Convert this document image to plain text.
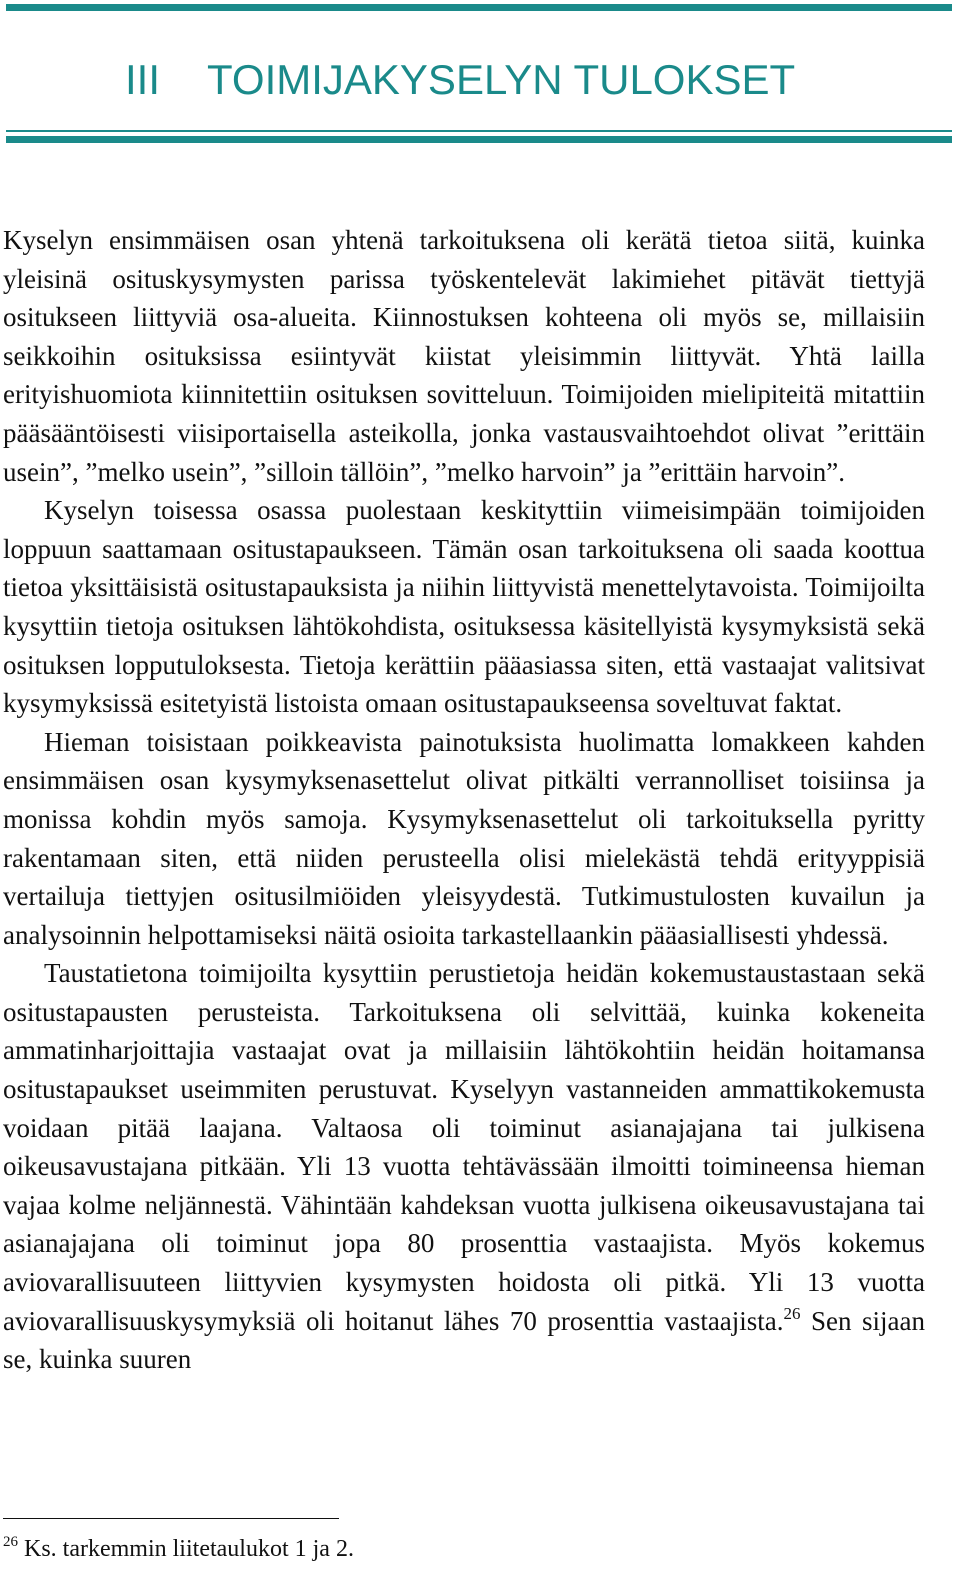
III TOIMIJAKYSELYN TULOKSET

Kyselyn ensimmäisen osan yhtenä tarkoituksena oli kerätä tietoa siitä, kuinka yleisinä osituskysymysten parissa työskentelevät lakimiehet pitävät tiettyjä ositukseen liittyviä osa-alueita. Kiinnostuksen kohteena oli myös se, millaisiin seikkoihin osituksissa esiintyvät kiistat yleisimmin liittyvät. Yhtä lailla erityishuomiota kiinnitettiin osituksen sovitteluun. Toimijoiden mielipiteitä mitattiin pääsääntöisesti viisiportaisella asteikolla, jonka vastausvaihtoehdot olivat ”erittäin usein”, ”melko usein”, ”silloin tällöin”, ”melko harvoin” ja ”erittäin harvoin”.

Kyselyn toisessa osassa puolestaan keskityttiin viimeisimpään toimijoiden loppuun saattamaan ositustapaukseen. Tämän osan tarkoituksena oli saada koottua tietoa yksittäisistä ositustapauksista ja niihin liittyvistä menettelytavoista. Toimijoilta kysyttiin tietoja osituksen lähtökohdista, osituksessa käsitellyistä kysymyksistä sekä osituksen lopputuloksesta. Tietoja kerättiin pääasiassa siten, että vastaajat valitsivat kysymyksissä esitetyistä listoista omaan ositustapaukseensa soveltuvat faktat.

Hieman toisistaan poikkeavista painotuksista huolimatta lomakkeen kahden ensimmäisen osan kysymyksenasettelut olivat pitkälti verrannolliset toisiinsa ja monissa kohdin myös samoja. Kysymyksenasettelut oli tarkoituksella pyritty rakentamaan siten, että niiden perusteella olisi mielekästä tehdä erityyppisiä vertailuja tiettyjen ositusilmiöiden yleisyydestä. Tutkimustulosten kuvailun ja analysoinnin helpottamiseksi näitä osioita tarkastellaankin pääasiallisesti yhdessä.

Taustatietona toimijoilta kysyttiin perustietoja heidän kokemustaustastaan sekä ositustapausten perusteista. Tarkoituksena oli selvittää, kuinka kokeneita ammatinharjoittajia vastaajat ovat ja millaisiin lähtökohtiin heidän hoitamansa ositustapaukset useimmiten perustuvat. Kyselyyn vastanneiden ammattikokemusta voidaan pitää laajana. Valtaosa oli toiminut asianajajana tai julkisena oikeusavustajana pitkään. Yli 13 vuotta tehtävässään ilmoitti toimineensa hieman vajaa kolme neljännestä. Vähintään kahdeksan vuotta julkisena oikeusavustajana tai asianajajana oli toiminut jopa 80 prosenttia vastaajista. Myös kokemus aviovarallisuuteen liittyvien kysymysten hoidosta oli pitkä. Yli 13 vuotta aviovarallisuuskysymyksiä oli hoitanut lähes 70 prosenttia vastaajista.$^{26}$ Sen sijaan se, kuinka suuren

$^{26}$ Ks. tarkemmin liitetaulukot 1 ja 2.
